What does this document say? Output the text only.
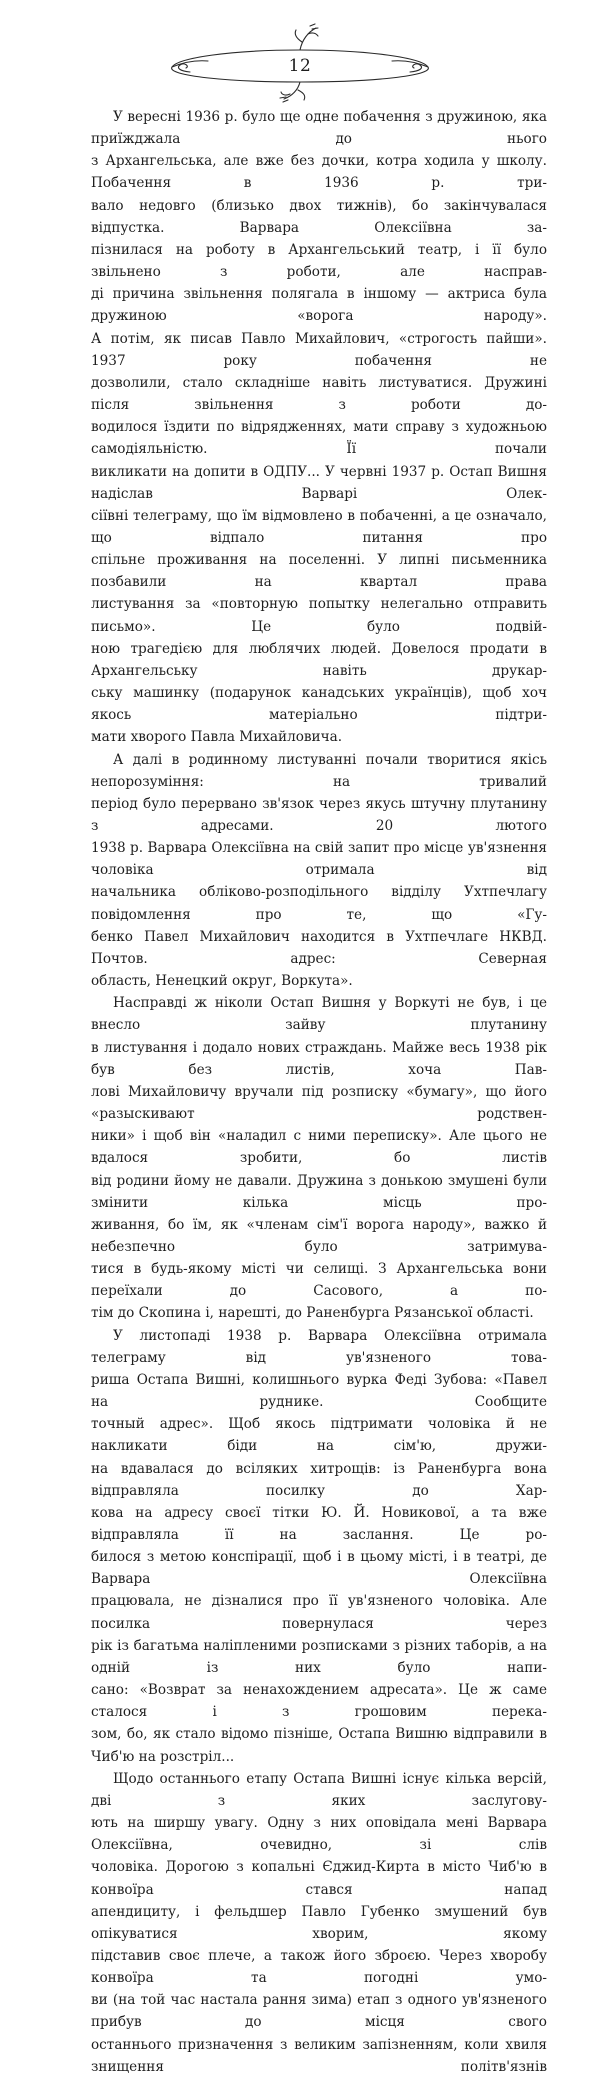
12

У вересні 1936 р. було ще одне побачення з дружиною, яка приїжджала до нього

з Архангельська, але вже без дочки, котра ходила у школу. Побачення в 1936 р. три-

вало недовго (близько двох тижнів), бо закінчувалася відпустка. Варвара Олексіївна за-

пізнилася на роботу в Архангельський театр, і її було звільнено з роботи, але насправ-

ді причина звільнення полягала в іншому — актриса була дружиною «ворога народу».

А потім, як писав Павло Михайлович, «строгость пайши». 1937 року побачення не

дозволили, стало складніше навіть листуватися. Дружині після звільнення з роботи до-

водилося їздити по відрядженнях, мати справу з художньою самодіяльністю. Її почали

викликати на допити в ОДПУ... У червні 1937 р. Остап Вишня надіслав Варварі Олек-

сіївні телеграму, що їм відмовлено в побаченні, а це означало, що відпало питання про

спільне проживання на поселенні. У липні письменника позбавили на квартал права

листування за «повторную попытку нелегально отправить письмо». Це було подвій-

ною трагедією для люблячих людей. Довелося продати в Архангельську навіть друкар-

ську машинку (подарунок канадських українців), щоб хоч якось матеріально підтри-

мати хворого Павла Михайловича.

А далі в родинному листуванні почали творитися якісь непорозуміння: на тривалий

період було перервано зв'язок через якусь штучну плутанину з адресами. 20 лютого

1938 р. Варвара Олексіївна на свій запит про місце ув'язнення чоловіка отримала від

начальника обліково-розподільного відділу Ухтпечлагу повідомлення про те, що «Гу-

бенко Павел Михайлович находится в Ухтпечлаге НКВД. Почтов. адрес: Северная

область, Ненецкий округ, Воркута».

Насправді ж ніколи Остап Вишня у Воркуті не був, і це внесло зайву плутанину

в листування і додало нових страждань. Майже весь 1938 рік був без листів, хоча Пав-

лові Михайловичу вручали під розписку «бумагу», що його «разыскивают родствен-

ники» і щоб він «наладил с ними переписку». Але цього не вдалося зробити, бо листів

від родини йому не давали. Дружина з донькою змушені були змінити кілька місць про-

живання, бо їм, як «членам сім'ї ворога народу», важко й небезпечно було затримува-

тися в будь-якому місті чи селищі. З Архангельська вони переїхали до Сасового, а по-

тім до Скопина і, нарешті, до Раненбурга Рязанської області.

У листопаді 1938 р. Варвара Олексіївна отримала телеграму від ув'язненого това-

риша Остапа Вишні, колишнього вурка Феді Зубова: «Павел на руднике. Сообщите

точный адрес». Щоб якось підтримати чоловіка й не накликати біди на сім'ю, дружи-

на вдавалася до всіляких хитрощів: із Раненбурга вона відправляла посилку до Хар-

кова на адресу своєї тітки Ю. Й. Новикової, а та вже відправляла її на заслання. Це ро-

билося з метою конспірації, щоб і в цьому місті, і в театрі, де Варвара Олексіївна

працювала, не дізналися про її ув'язненого чоловіка. Але посилка повернулася через

рік із багатьма наліпленими розписками з різних таборів, а на одній із них було напи-

сано: «Возврат за ненахождением адресата». Це ж саме сталося і з грошовим перека-

зом, бо, як стало відомо пізніше, Остапа Вишню відправили в Чиб'ю на розстріл...

Щодо останнього етапу Остапа Вишні існує кілька версій, дві з яких заслугову-

ють на ширшу увагу. Одну з них оповідала мені Варвара Олексіївна, очевидно, зі слів

чоловіка. Дорогою з копальні Єджид-Кирта в місто Чиб'ю в конвоїра стався напад

апендициту, і фельдшер Павло Губенко змушений був опікуватися хворим, якому

підставив своє плече, а також його зброєю. Через хворобу конвоїра та погодні умо-

ви (на той час настала рання зима) етап з одного ув'язненого прибув до місця свого

останнього призначення з великим запізненням, коли хвиля знищення політв'язнів
